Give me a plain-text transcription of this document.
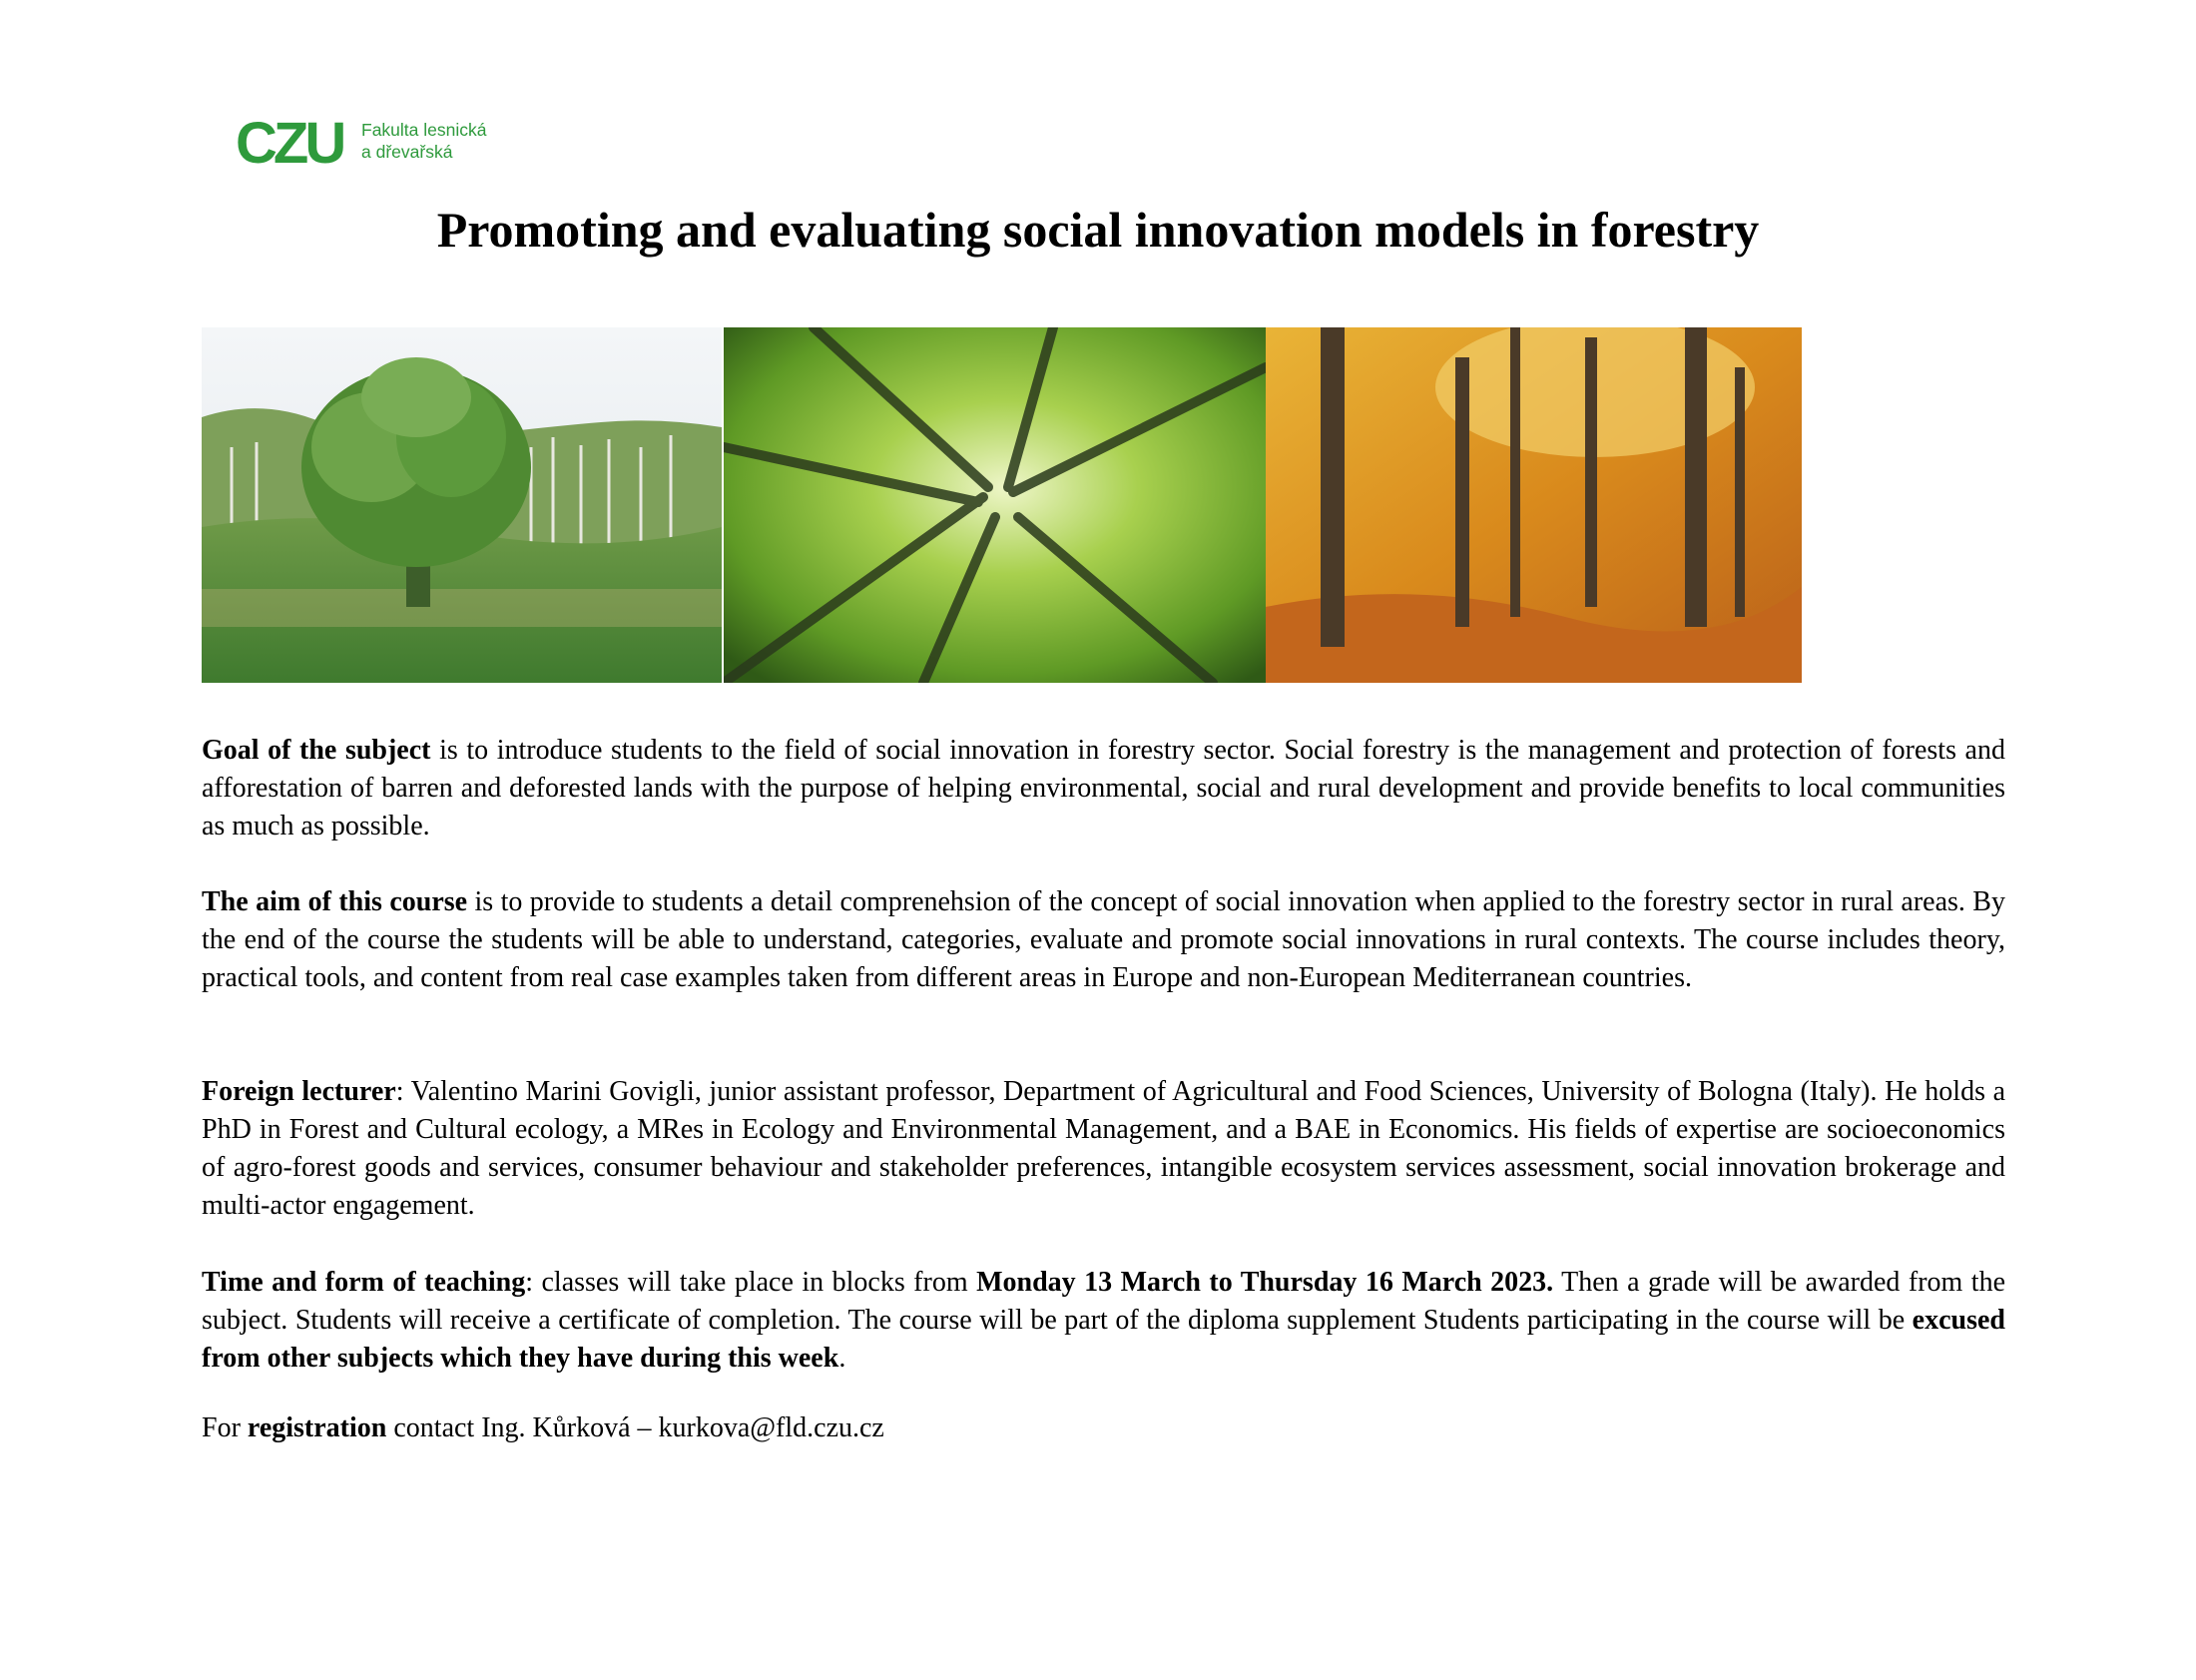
CZU Fakulta lesnická
a dřevařská
Promoting and evaluating social innovation models in forestry

Goal of the subject is to introduce students to the field of social innovation in forestry sector. Social forestry is the management and protection of forests and afforestation of barren and deforested lands with the purpose of helping environmental, social and rural development and provide benefits to local communities as much as possible.

The aim of this course is to provide to students a detail comprenehsion of the concept of social innovation when applied to the forestry sector in rural areas. By the end of the course the students will be able to understand, categories, evaluate and promote social innovations in rural contexts. The course includes theory, practical tools, and content from real case examples taken from different areas in Europe and non-European Mediterranean countries.

Foreign lecturer: Valentino Marini Govigli, junior assistant professor, Department of Agricultural and Food Sciences, University of Bologna (Italy). He holds a PhD in Forest and Cultural ecology, a MRes in Ecology and Environmental Management, and a BAE in Economics. His fields of expertise are socioeconomics of agro-forest goods and services, consumer behaviour and stakeholder preferences, intangible ecosystem services assessment, social innovation brokerage and multi-actor engagement.

Time and form of teaching: classes will take place in blocks from Monday 13 March to Thursday 16 March 2023. Then a grade will be awarded from the subject. Students will receive a certificate of completion. The course will be part of the diploma supplement Students participating in the course will be excused from other subjects which they have during this week.

For registration contact Ing. Kůrková – kurkova@fld.czu.cz
